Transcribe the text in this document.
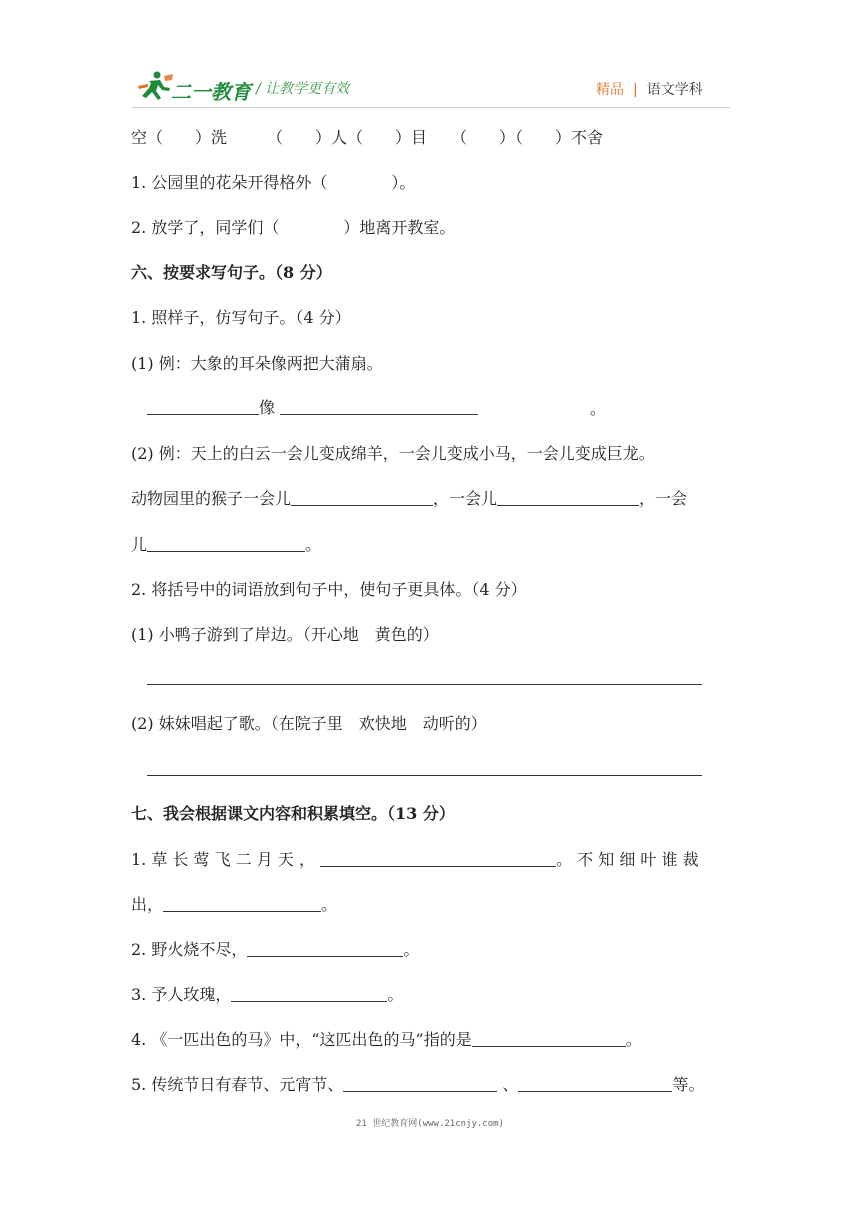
二一教育 / 让教学更有效	精品 | 语文学科
空（　　）洗　　　（　　）人（　　）目　　（　　）（　　）不舍
1. 公园里的花朵开得格外（　　　　）。
2. 放学了，同学们（　　　　）地离开教室。
六、按要求写句子。（8 分）
1. 照样子，仿写句子。（4 分）
(1) 例：大象的耳朵像两把大蒲扇。
像	。
(2) 例：天上的白云一会儿变成绵羊，一会儿变成小马，一会儿变成巨龙。
动物园里的猴子一会儿	，一会儿	，一会
儿	。
2. 将括号中的词语放到句子中，使句子更具体。（4 分）
(1) 小鸭子游到了岸边。（开心地　黄色的）
(2) 妹妹唱起了歌。（在院子里　欢快地　动听的）
七、我会根据课文内容和积累填空。（13 分）
1. 草 长 莺 飞 二 月 天 ，	。 不 知 细 叶 谁 裁
出，	。
2. 野火烧不尽，	。
3. 予人玫瑰，	。
4. 《一匹出色的马》中，“这匹出色的马”指的是	。
5. 传统节日有春节、元宵节、	、	等。
21 世纪教育网(www.21cnjy.com)
